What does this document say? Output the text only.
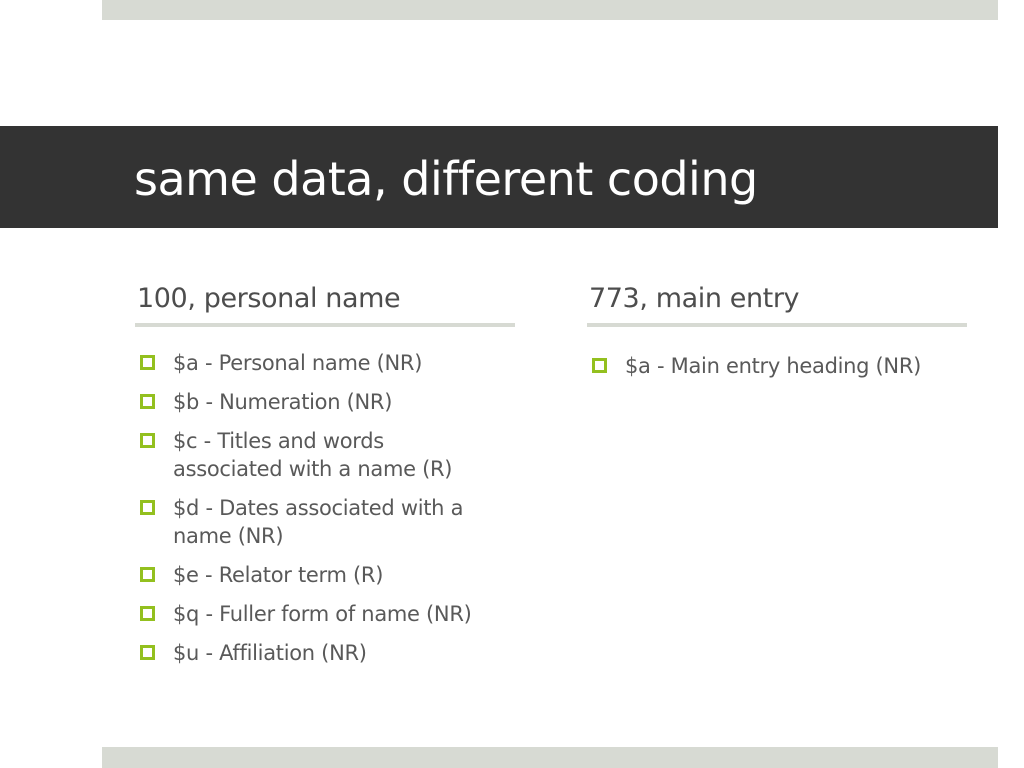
same data, different coding
100, personal name
$a - Personal name (NR)
$b - Numeration (NR)
$c - Titles and words associated with a name (R)
$d - Dates associated with a name (NR)
$e - Relator term (R)
$q - Fuller form of name (NR)
$u - Affiliation (NR)
773, main entry
$a - Main entry heading (NR)
